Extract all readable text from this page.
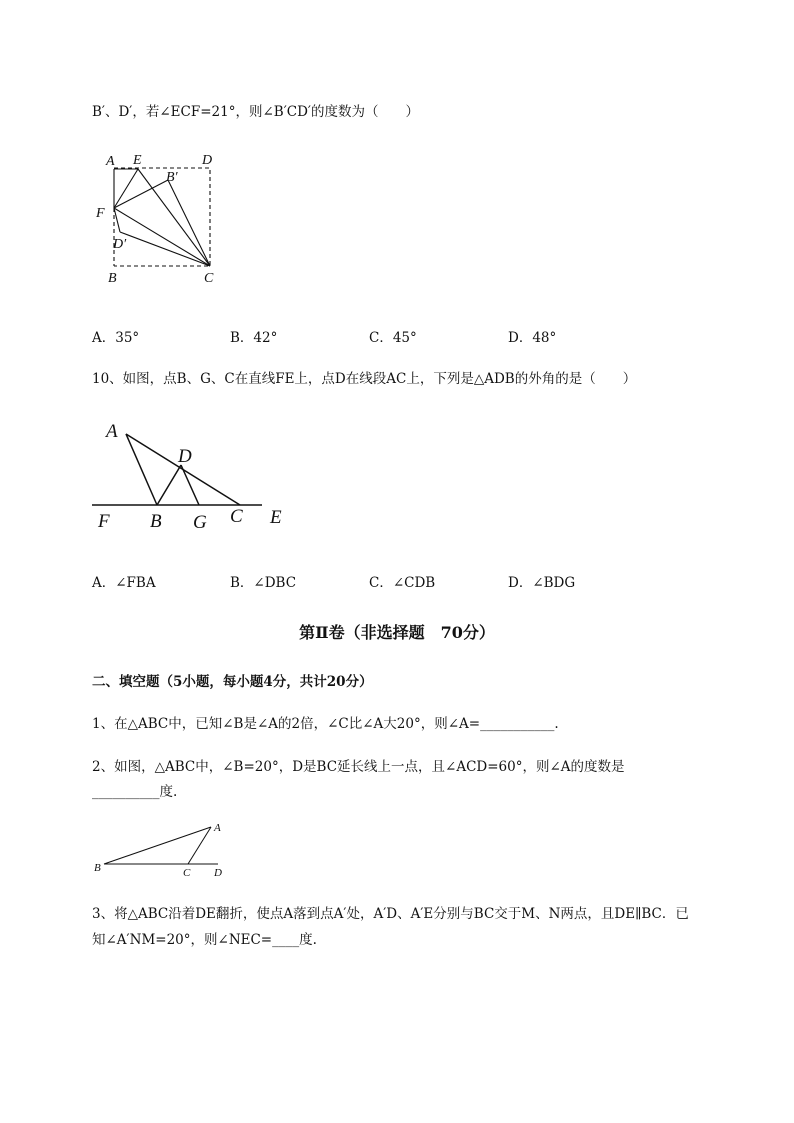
B′、D′，若∠ECF=21°，则∠B′CD′的度数为（　　）
A E	D
B′
F
D′
B	C
A．35°	B．42°	C．45°	D．48°
10、如图，点B、G、C在直线FE上，点D在线段AC上，下列是△ADB的外角的是（　　）
A
D
F B G C E
A．∠FBA	B．∠DBC	C．∠CDB	D．∠BDG
第Ⅱ卷（非选择题　70分）
二、填空题（5小题，每小题4分，共计20分）
1、在△ABC中，已知∠B是∠A的2倍，∠C比∠A大20°，则∠A=___________.
2、如图，△ABC中，∠B=20°，D是BC延长线上一点，且∠ACD=60°，则∠A的度数是
__________度.
A
B	C D
3、将△ABC沿着DE翻折，使点A落到点A′处，A′D、A′E分别与BC交于M、N两点，且DE∥BC．已
知∠A′NM=20°，则∠NEC=____度.
